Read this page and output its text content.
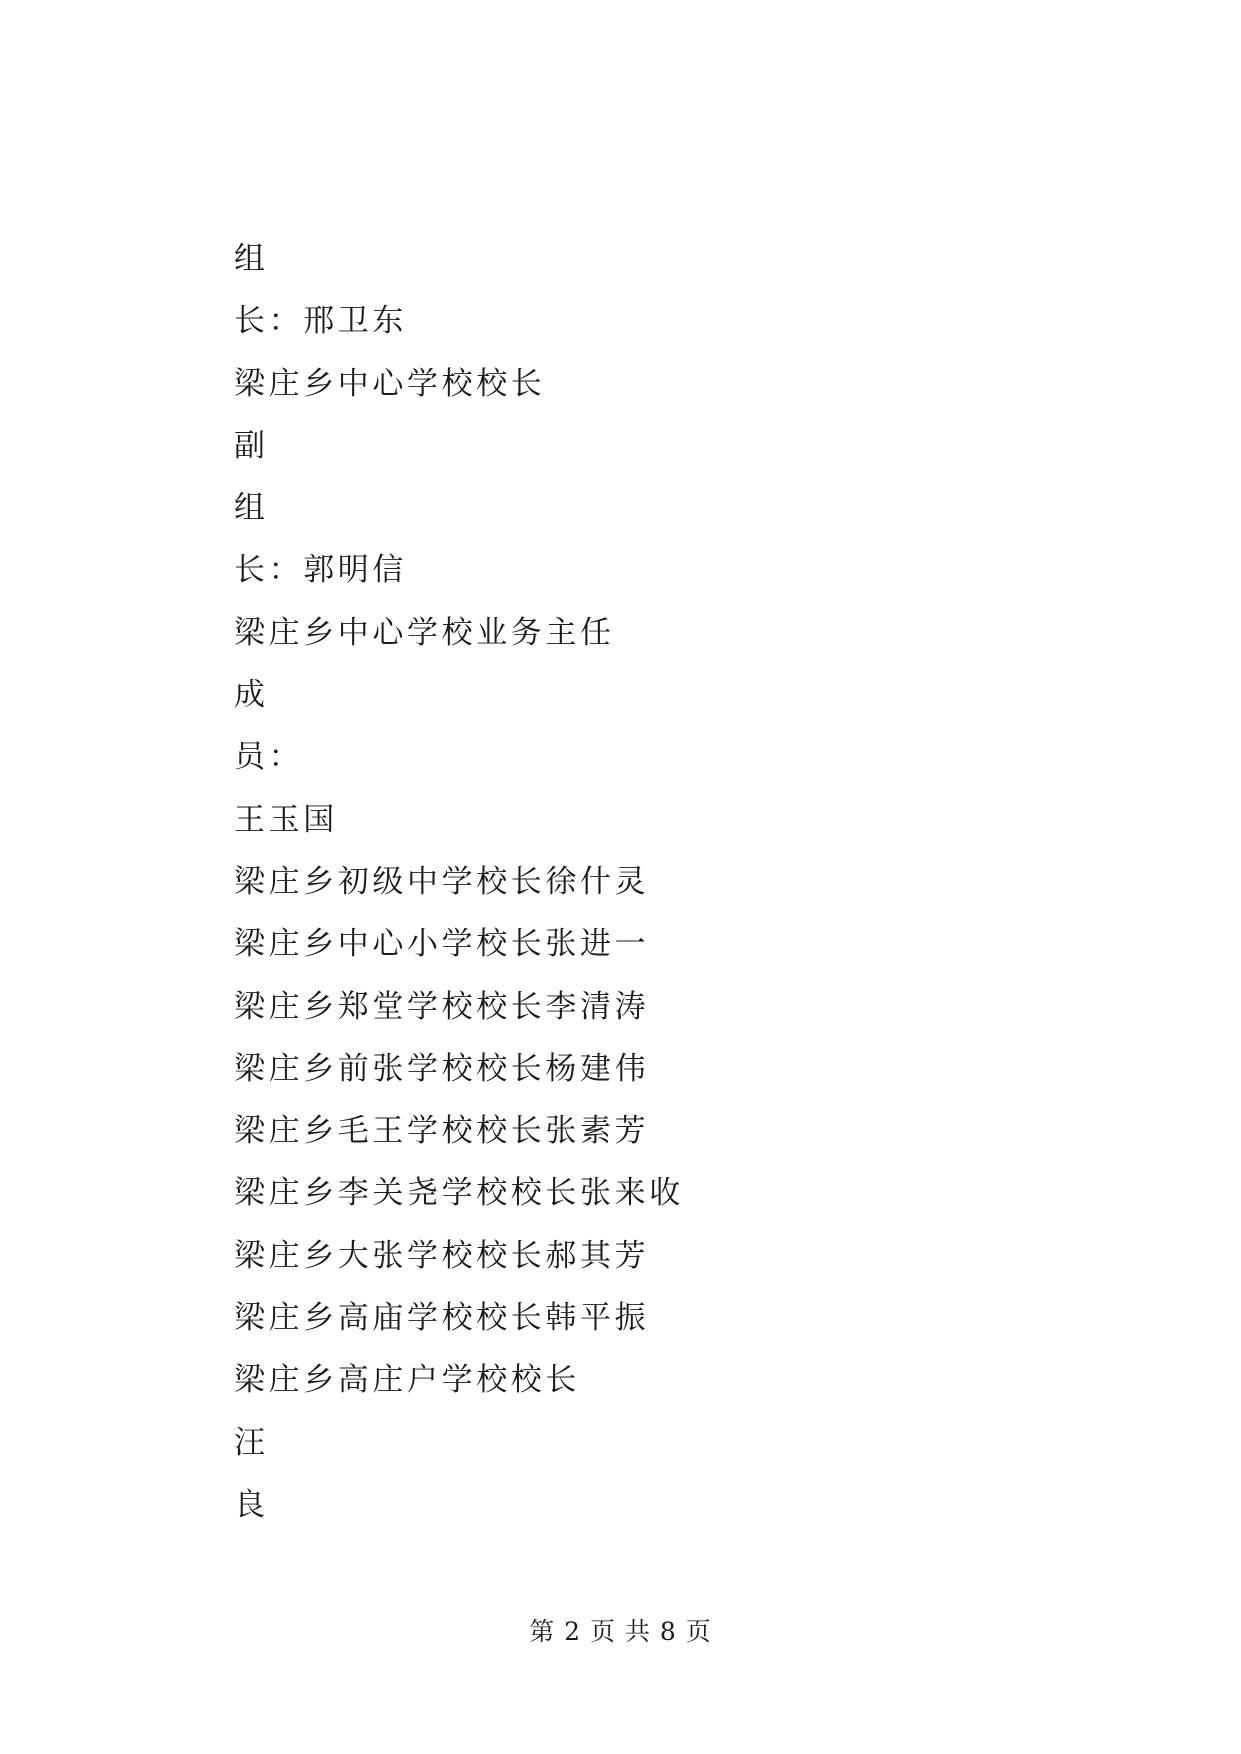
组
长：邢卫东
梁庄乡中心学校校长
副
组
长：郭明信
梁庄乡中心学校业务主任
成
员：
王玉国
梁庄乡初级中学校长徐什灵
梁庄乡中心小学校长张进一
梁庄乡郑堂学校校长李清涛
梁庄乡前张学校校长杨建伟
梁庄乡毛王学校校长张素芳
梁庄乡李关尧学校校长张来收
梁庄乡大张学校校长郝其芳
梁庄乡高庙学校校长韩平振
梁庄乡高庄户学校校长
汪
良
第 2 页 共 8 页
